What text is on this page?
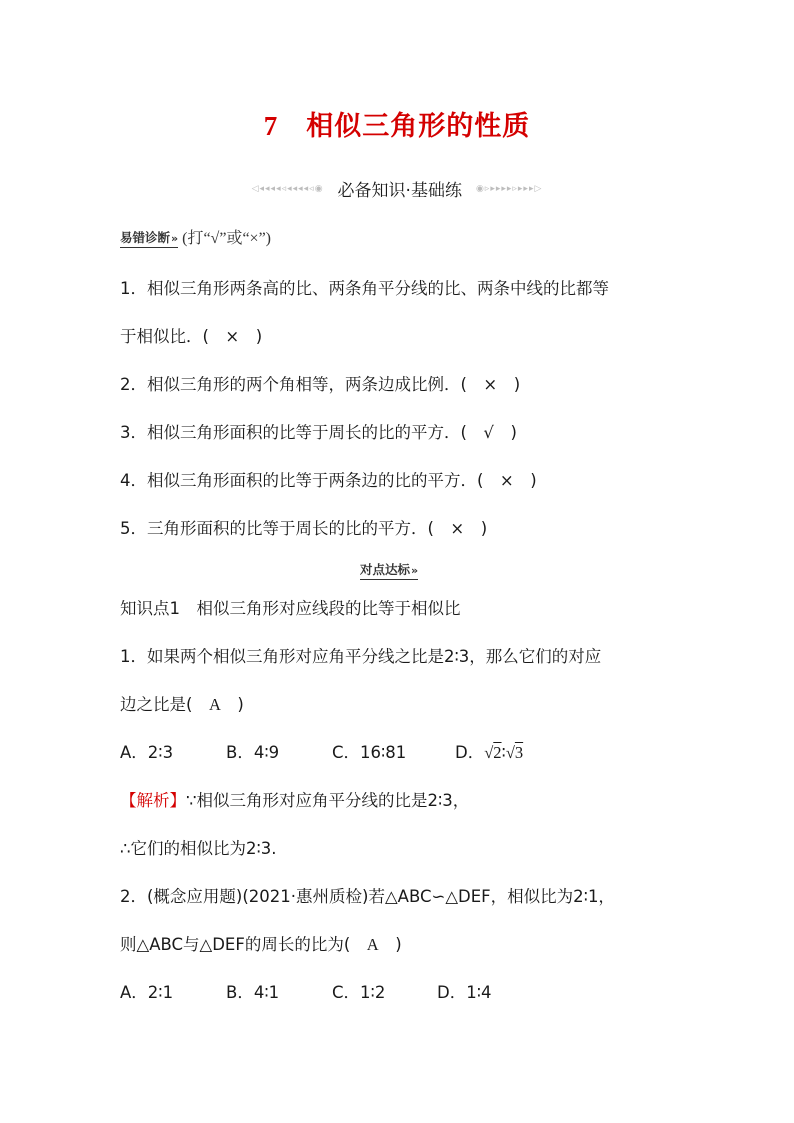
7 相似三角形的性质
◁◂◂◂◂◃◂◂◂◂◃◉ 必备知识·基础练 ◉▹▸▸▸▸▹▸▸▸▷
易错诊断» (打“√”或“×”)
1．相似三角形两条高的比、两条角平分线的比、两条中线的比都等
于相似比．(　×　)
2．相似三角形的两个角相等，两条边成比例．(　×　)
3．相似三角形面积的比等于周长的比的平方．(　√　)
4．相似三角形面积的比等于两条边的比的平方．(　×　)
5．三角形面积的比等于周长的比的平方．(　×　)
对点达标»
知识点1　相似三角形对应线段的比等于相似比
1．如果两个相似三角形对应角平分线之比是2∶3，那么它们的对应
边之比是(　A　)
A．2∶3	B．4∶9	C．16∶81	D．√2∶√3
【解析】∵相似三角形对应角平分线的比是2∶3，
∴它们的相似比为2∶3.
2．(概念应用题)(2021·惠州质检)若△ABC∽△DEF，相似比为2∶1，
则△ABC与△DEF的周长的比为(　A　)
A．2∶1	B．4∶1	C．1∶2	D．1∶4
